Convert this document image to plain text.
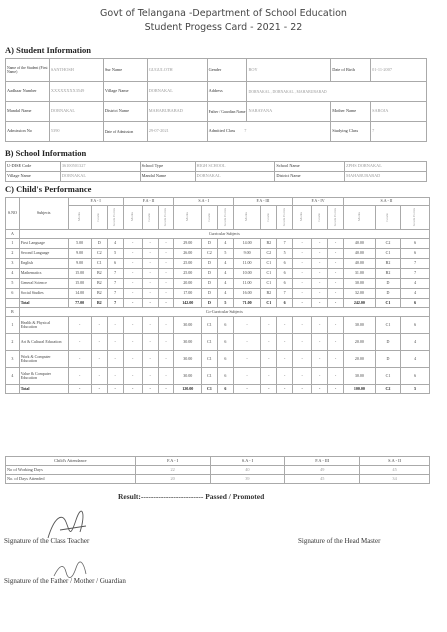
Govt of Telangana -Department of School Education
Student Progess Card - 2021 - 22
A) Student Information
Name of the Student (First Name)	SANTHOSH	Sur Name	GUGULOTH	Gender	BOY	Date of Birth	01-11-2007
Aadhaar Number	XXXXXXXX3549	Village Name	DORNAKAL	Address	DORNAKAL , DORNAKAL , MAHABUBABAD		
Mandal Name	DORNAKAL	District Name	MAHABUBABAD	Father / Guardian Name	NARAYANA	Mother Name	SAROJA
Admission No	5390	Date of Admission	29-07-2021	Admitted Class 7		Studying Class	7
B) School Information
U-DISE Code	36100501327	School Type	HIGH SCHOOL	School Name	ZPHS DORNAKAL
Village Name	DORNAKAL	Mandal Name	DORNAKAL	District Name	MAHABUBABAD
C) Child's Performance
S.NO	Subjects	F.A - I			F.A - II			S.A - I			F.A - III			F.A - IV			S.A - II		
		Marks	Grade	Grade Points	Marks	Grade	Grade Points	Marks	Grade	Grade Points	Marks	Grade	Grade Points	Marks	Grade	Grade Points	Marks	Grade	Grade Points
A	Curricular Subjects																		
1	First Language	5.00	D	4	-	-	-	29.00	D	4	14.00	B2	7	-	-	-	40.00	C2	6
2	Second Language	9.00	C2	5	-	-	-	26.00	C2	5	9.00	C2	5	-	-	-	40.00	C1	6
3	English	9.00	C1	6	-	-	-	25.00	D	4	11.00	C1	6	-	-	-	40.00	B2	7
4	Mathematics	15.00	B2	7	-	-	-	25.00	D	4	10.00	C1	6	-	-	-	31.00	B2	7
5	General Science	15.00	B2	7	-	-	-	20.00	D	4	11.00	C1	6	-	-	-	30.00	D	4
6	Social Studies	14.00	B2	7	-	-	-	17.00	D	4	16.00	B2	7	-	-	-	32.00	D	4
	Total	77.00	B2	7	-	-	-	142.00	D	5	71.00	C1	6	-	-	-	242.00	C1	6
B	Co-Curricular Subjects																		
1	Health & Physical Education	-	-	-	-	-	-	30.00	C1	6	-	-	-	-	-	-	30.00	C1	6
2	Art & Cultural Education	-	-	-	-	-	-	30.00	C1	6	-	-	-	-	-	-	20.00	D	4
3	Work & Computer Education	-	-	-	-	-	-	30.00	C1	6	-	-	-	-	-	-	20.00	D	4
4	Value & Computer Education	-	-	-	-	-	-	30.00	C1	6	-	-	-	-	-	-	30.00	C1	6
	Total	-	-	-	-	-	-	120.00	C1	6	-	-	-	-	-	-	100.00	C2	5
Child's Attendance	F.A - I	S.A - I	F.A - III	S.A - II
No of Working Days	22	40	49	45
No. of Days Attended	20	39	45	34
Result:------------------------- Passed / Promoted
Signature of the Class Teacher	Signature of the Head Master
Signature of the Father / Mother / Guardian
